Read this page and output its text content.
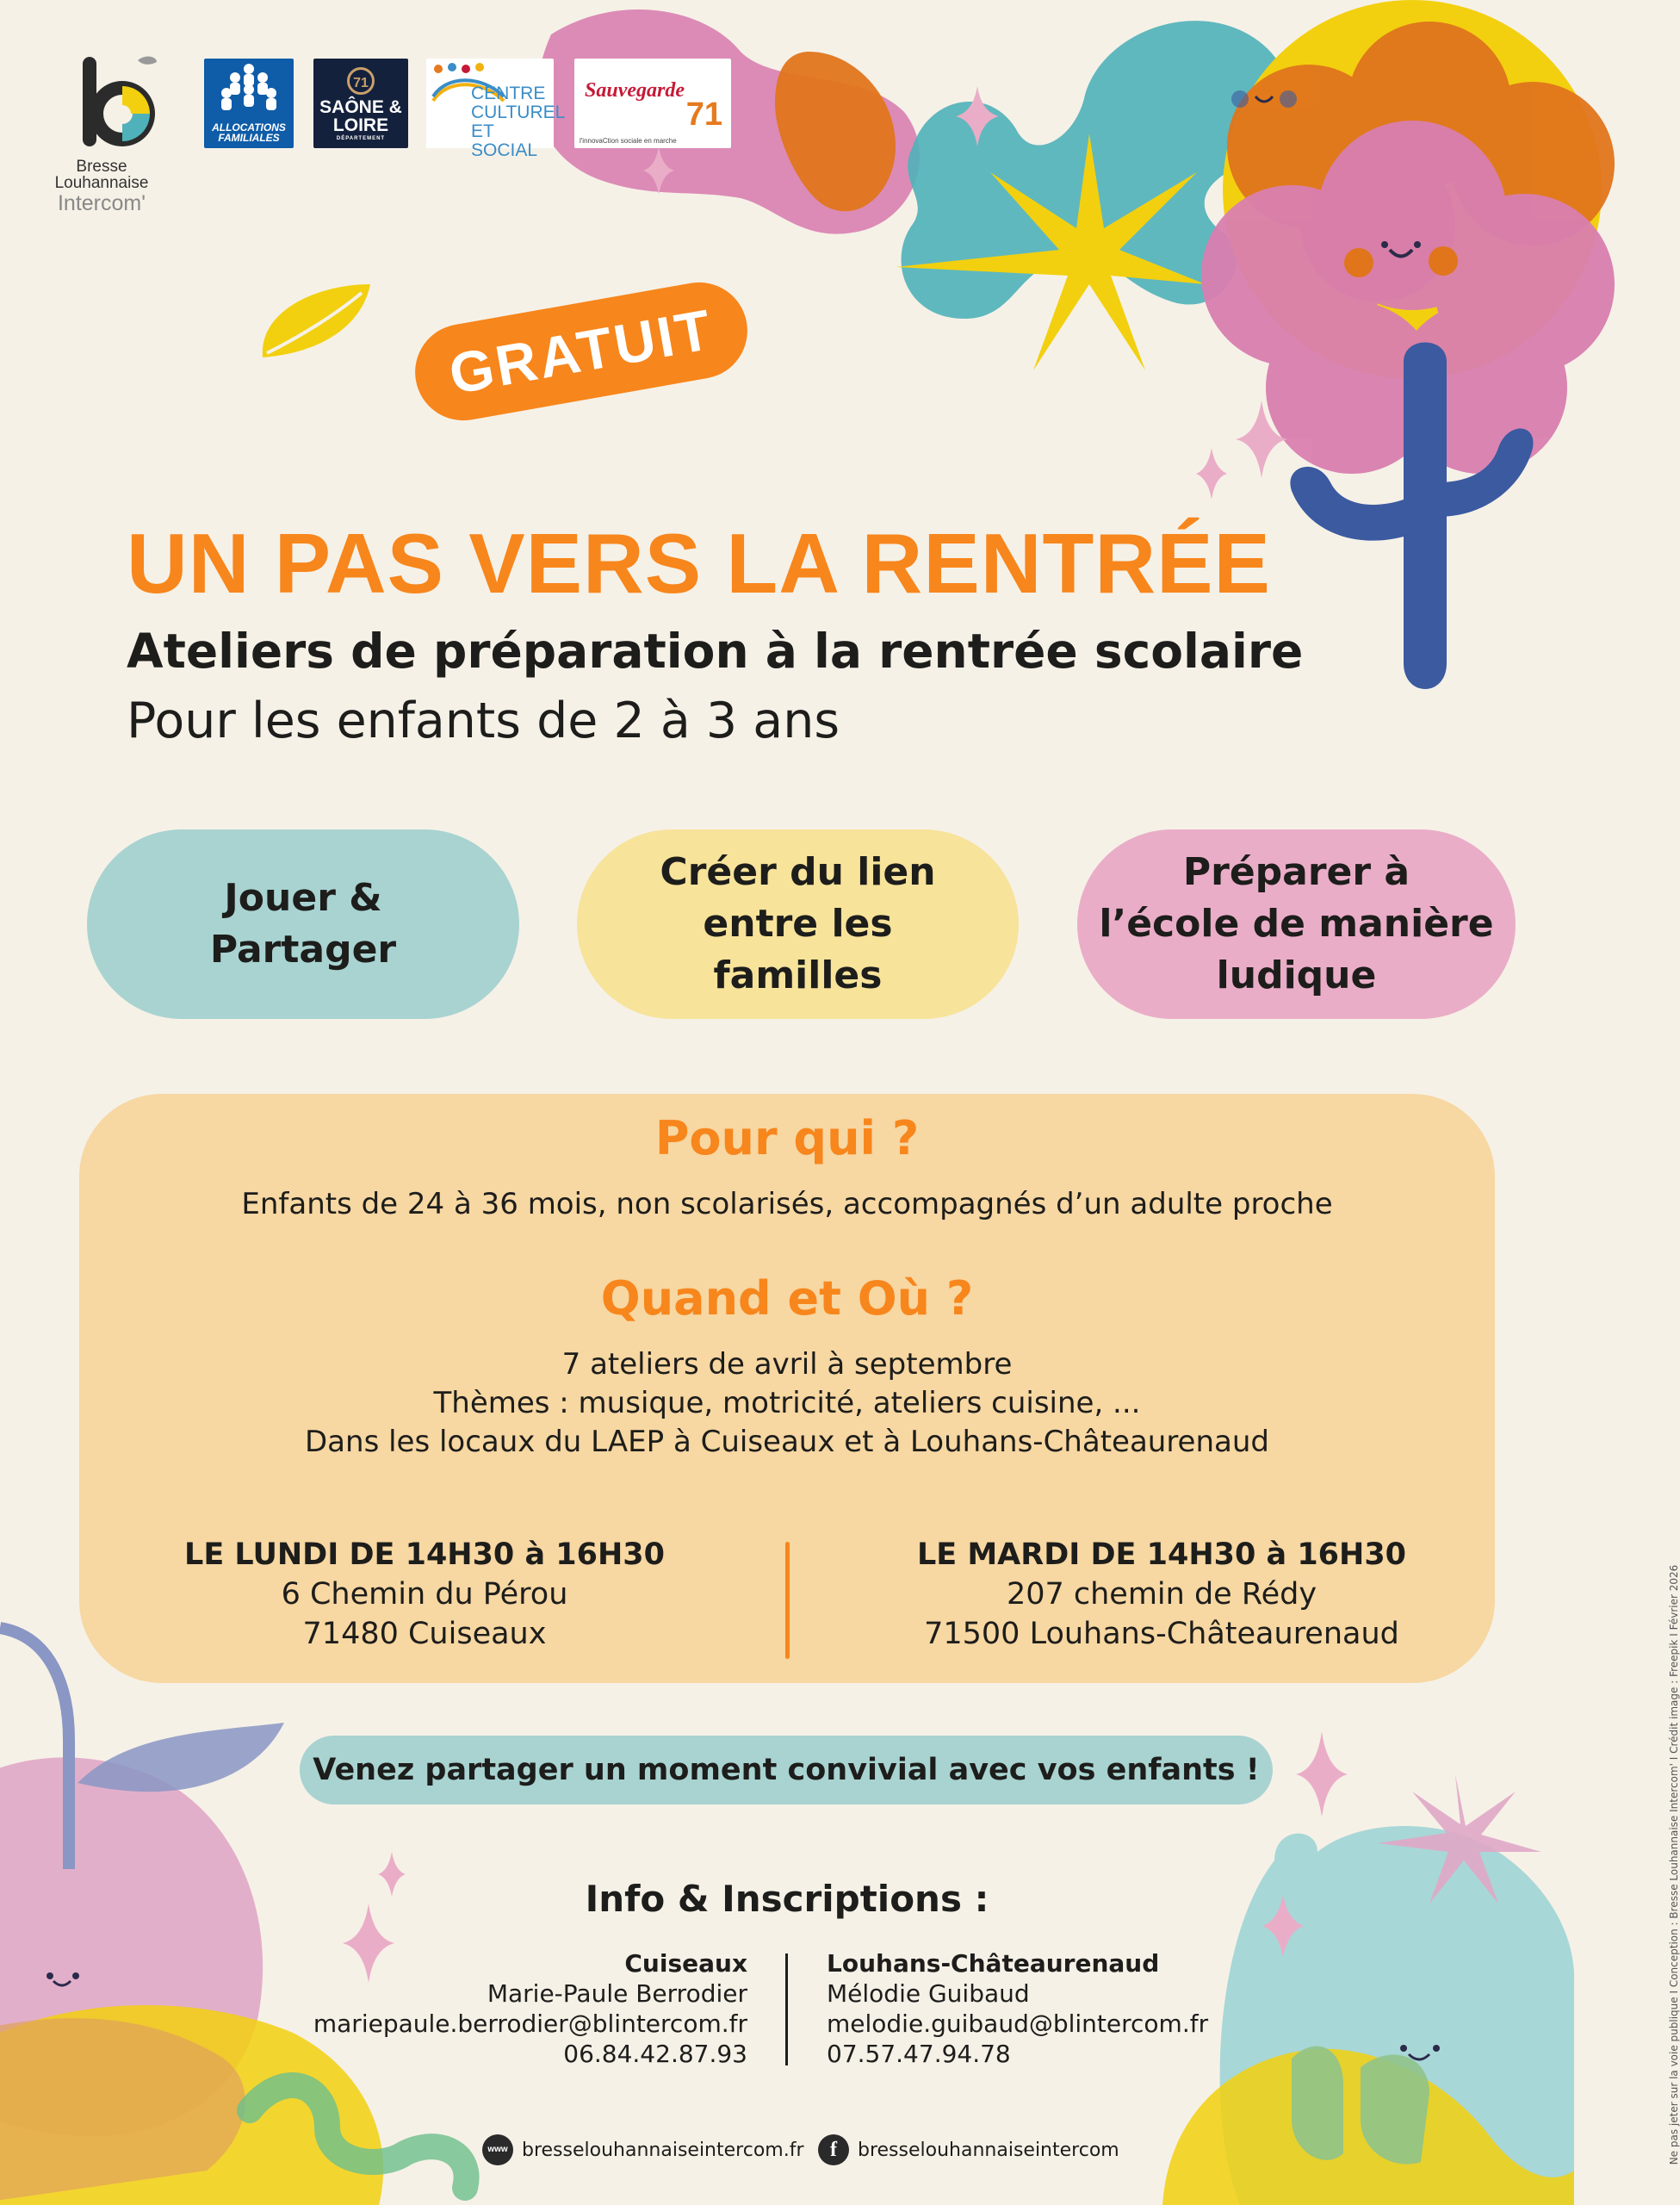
Bresse Louhannaise
Intercom'
ALLOCATIONS FAMILIALES
71
SAÔNE & LOIRE
DÉPARTEMENT
CENTRE CULTUREL ET SOCIAL
Sauvegarde
71
l'innovaCtion sociale en marche
GRATUIT
UN PAS VERS LA RENTRÉE
Ateliers de préparation à la rentrée scolaire
Pour les enfants de 2 à 3 ans
Jouer &
Partager
Créer du lien
entre les
familles
Préparer à
l’école de manière
ludique
Pour qui ?
Enfants de 24 à 36 mois, non scolarisés, accompagnés d’un adulte proche
Quand et Où ?
7 ateliers de avril à septembre
Thèmes : musique, motricité, ateliers cuisine, ...
Dans les locaux du LAEP à Cuiseaux et à Louhans-Châteaurenaud
LE LUNDI DE 14H30 à 16H30
6 Chemin du Pérou
71480 Cuiseaux
LE MARDI DE 14H30 à 16H30
207 chemin de Rédy
71500 Louhans-Châteaurenaud
Venez partager un moment convivial avec vos enfants !
Info & Inscriptions :
Cuiseaux
Marie-Paule Berrodier
mariepaule.berrodier@blintercom.fr
06.84.42.87.93
Louhans-Châteaurenaud
Mélodie Guibaud
melodie.guibaud@blintercom.fr
07.57.47.94.78
www bresselouhannaiseintercom.fr	f	bresselouhannaiseintercom	Ne pas jeter sur la voie publique I Conception : Bresse Louhannaise Intercom' I Crédit image : Freepik I Février 2026
